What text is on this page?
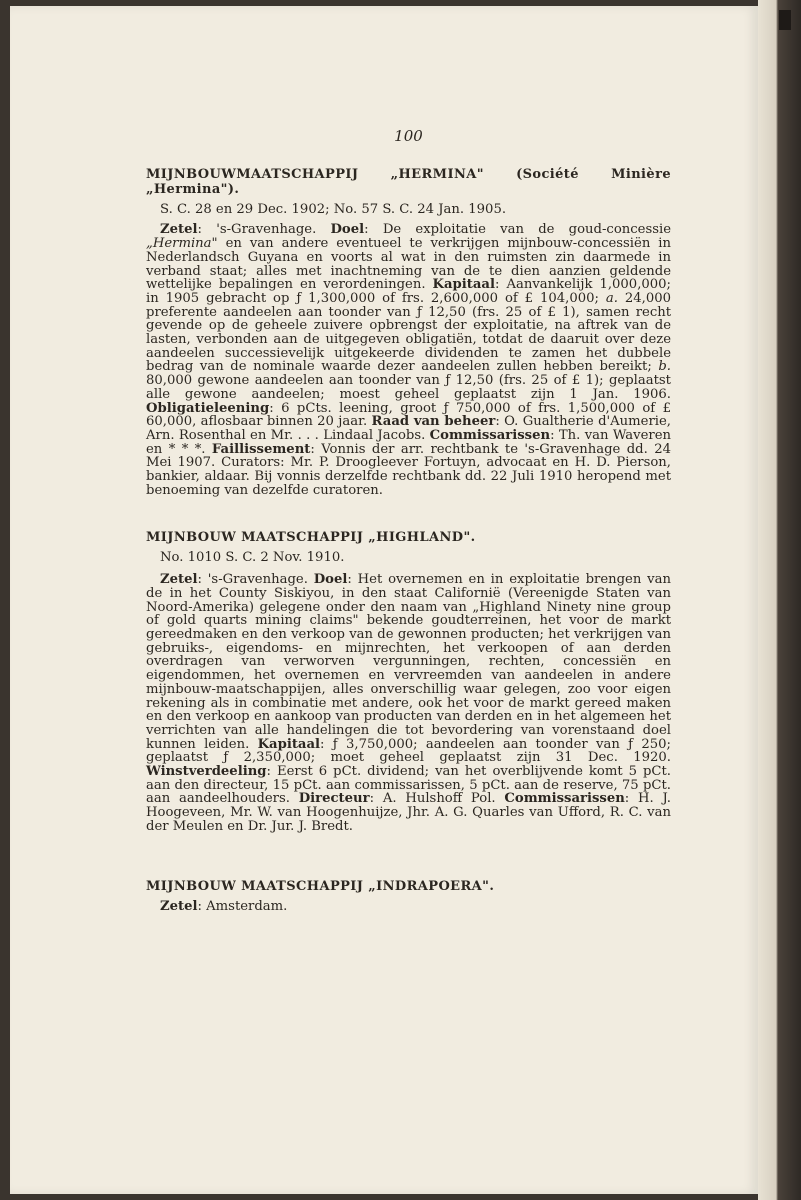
100

MIJNBOUWMAATSCHAPPIJ „HERMINA" (Société Minière „Hermina").

S. C. 28 en 29 Dec. 1902; No. 57 S. C. 24 Jan. 1905.

Zetel: 's-Gravenhage. Doel: De exploitatie van de goud-concessie „Hermina" en van andere eventueel te verkrijgen mijnbouw-concessiën in Nederlandsch Guyana en voorts al wat in den ruimsten zin daarmede in verband staat; alles met inachtneming van de te dien aanzien geldende wettelijke bepalingen en verordeningen. Kapitaal: Aanvankelijk 1,000,000; in 1905 gebracht op ƒ 1,300,000 of frs. 2,600,000 of £ 104,000; a. 24,000 preferente aandeelen aan toonder van ƒ 12,50 (frs. 25 of £ 1), samen recht gevende op de geheele zuivere opbrengst der exploitatie, na aftrek van de lasten, verbonden aan de uitgegeven obligatiën, totdat de daaruit over deze aandeelen successievelijk uitgekeerde dividenden te zamen het dubbele bedrag van de nominale waarde dezer aandeelen zullen hebben bereikt; b. 80,000 gewone aandeelen aan toonder van ƒ 12,50 (frs. 25 of £ 1); geplaatst alle gewone aandeelen; moest geheel geplaatst zijn 1 Jan. 1906. Obligatieleening: 6 pCts. leening, groot ƒ 750,000 of frs. 1,500,000 of £ 60,000, aflosbaar binnen 20 jaar. Raad van beheer: O. Gualtherie d'Aumerie, Arn. Rosenthal en Mr. . . . Lindaal Jacobs. Commissarissen: Th. van Waveren en * * *. Faillissement: Vonnis der arr. rechtbank te 's-Gravenhage dd. 24 Mei 1907. Curators: Mr. P. Droogleever Fortuyn, advocaat en H. D. Pierson, bankier, aldaar. Bij vonnis derzelfde rechtbank dd. 22 Juli 1910 heropend met benoeming van dezelfde curatoren.

MIJNBOUW MAATSCHAPPIJ „HIGHLAND".

No. 1010 S. C. 2 Nov. 1910.

Zetel: 's-Gravenhage. Doel: Het overnemen en in exploitatie brengen van de in het County Siskiyou, in den staat Californië (Vereenigde Staten van Noord-Amerika) gelegene onder den naam van „Highland Ninety nine group of gold quarts mining claims" bekende goudterreinen, het voor de markt gereedmaken en den verkoop van de gewonnen producten; het verkrijgen van gebruiks-, eigendoms- en mijnrechten, het verkoopen of aan derden overdragen van verworven vergunningen, rechten, concessiën en eigendommen, het overnemen en vervreemden van aandeelen in andere mijnbouw-maatschappijen, alles onverschillig waar gelegen, zoo voor eigen rekening als in combinatie met andere, ook het voor de markt gereed maken en den verkoop en aankoop van producten van derden en in het algemeen het verrichten van alle handelingen die tot bevordering van vorenstaand doel kunnen leiden. Kapitaal: ƒ 3,750,000; aandeelen aan toonder van ƒ 250; geplaatst ƒ 2,350,000; moet geheel geplaatst zijn 31 Dec. 1920. Winstverdeeling: Eerst 6 pCt. dividend; van het overblijvende komt 5 pCt. aan den directeur, 15 pCt. aan commissarissen, 5 pCt. aan de reserve, 75 pCt. aan aandeelhouders. Directeur: A. Hulshoff Pol. Commissarissen: H. J. Hoogeveen, Mr. W. van Hoogenhuijze, Jhr. A. G. Quarles van Ufford, R. C. van der Meulen en Dr. Jur. J. Bredt.

MIJNBOUW MAATSCHAPPIJ „INDRAPOERA".

Zetel: Amsterdam.
